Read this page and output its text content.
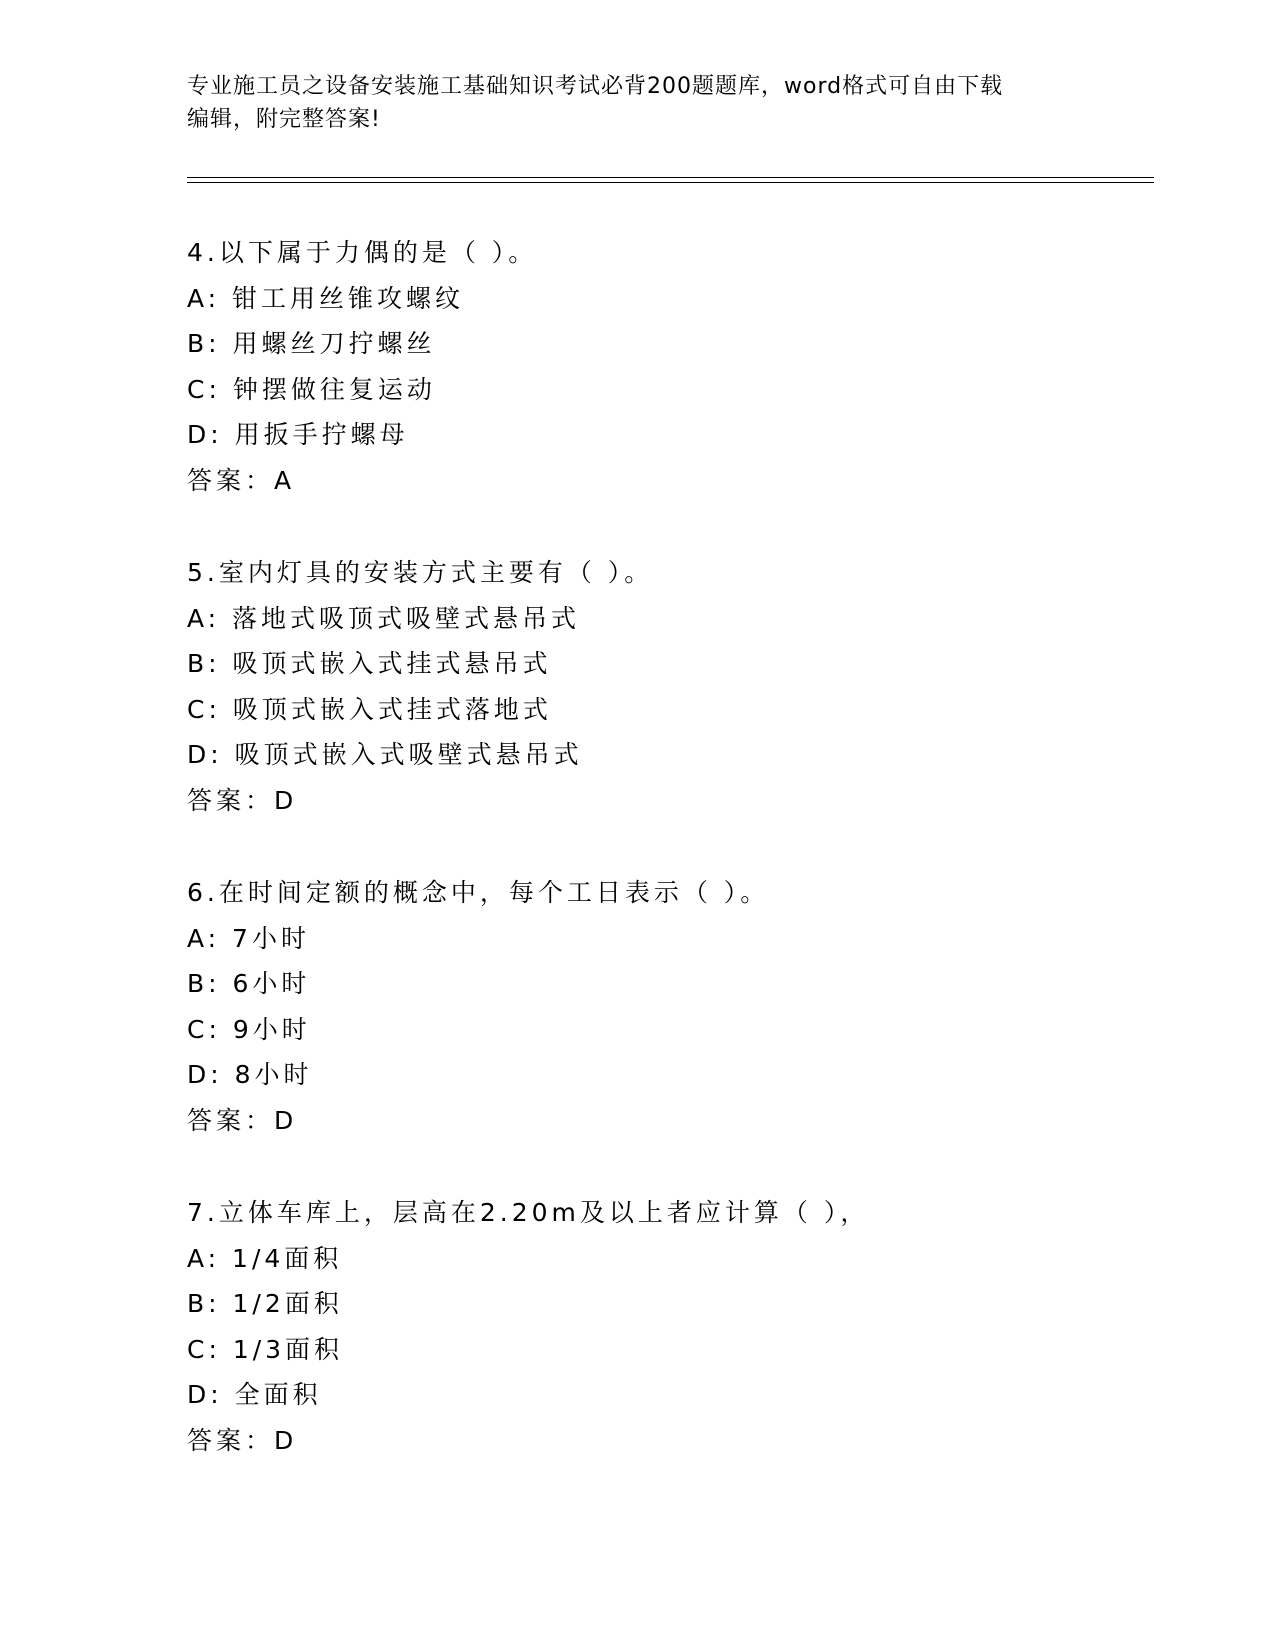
专业施工员之设备安装施工基础知识考试必背200题题库，word格式可自由下载
编辑，附完整答案!
4.以下属于力偶的是（ ）。
A: 钳工用丝锥攻螺纹
B: 用螺丝刀拧螺丝
C: 钟摆做往复运动
D: 用扳手拧螺母
答案：A
5.室内灯具的安装方式主要有（ ）。
A: 落地式吸顶式吸壁式悬吊式
B: 吸顶式嵌入式挂式悬吊式
C: 吸顶式嵌入式挂式落地式
D: 吸顶式嵌入式吸壁式悬吊式
答案：D
6.在时间定额的概念中，每个工日表示（ ）。
A: 7小时
B: 6小时
C: 9小时
D: 8小时
答案：D
7.立体车库上，层高在2.20m及以上者应计算（ ），
A: 1/4面积
B: 1/2面积
C: 1/3面积
D: 全面积
答案：D
